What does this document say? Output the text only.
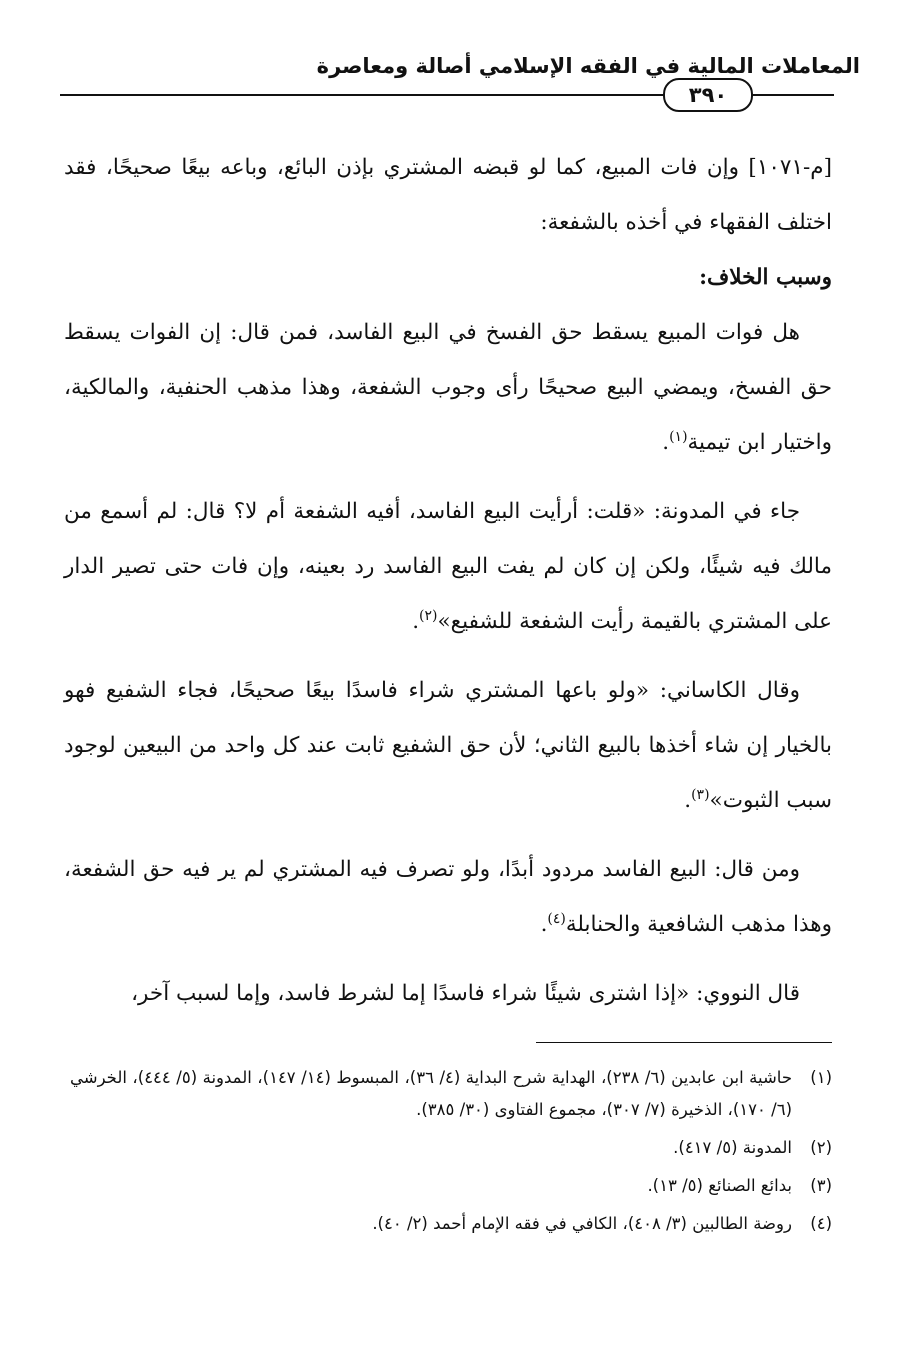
المعاملات المالية في الفقه الإسلامي أصالة ومعاصرة
٣٩٠

[م-١٠٧١] وإن فات المبيع، كما لو قبضه المشتري بإذن البائع، وباعه بيعًا صحيحًا، فقد اختلف الفقهاء في أخذه بالشفعة:

وسبب الخلاف:

هل فوات المبيع يسقط حق الفسخ في البيع الفاسد، فمن قال: إن الفوات يسقط حق الفسخ، ويمضي البيع صحيحًا رأى وجوب الشفعة، وهذا مذهب الحنفية، والمالكية، واختيار ابن تيمية$^{(١)}$.

جاء في المدونة: «قلت: أرأيت البيع الفاسد، أفيه الشفعة أم لا؟ قال: لم أسمع من مالك فيه شيئًا، ولكن إن كان لم يفت البيع الفاسد رد بعينه، وإن فات حتى تصير الدار على المشتري بالقيمة رأيت الشفعة للشفيع»$^{(٢)}$.

وقال الكاساني: «ولو باعها المشتري شراء فاسدًا بيعًا صحيحًا، فجاء الشفيع فهو بالخيار إن شاء أخذها بالبيع الثاني؛ لأن حق الشفيع ثابت عند كل واحد من البيعين لوجود سبب الثبوت»$^{(٣)}$.

ومن قال: البيع الفاسد مردود أبدًا، ولو تصرف فيه المشتري لم ير فيه حق الشفعة، وهذا مذهب الشافعية والحنابلة$^{(٤)}$.

قال النووي: «إذا اشترى شيئًا شراء فاسدًا إما لشرط فاسد، وإما لسبب آخر،

(١)
حاشية ابن عابدين (٦/ ٢٣٨)، الهداية شرح البداية (٤/ ٣٦)، المبسوط (١٤/ ١٤٧)، المدونة (٥/ ٤٤٤)، الخرشي (٦/ ١٧٠)، الذخيرة (٧/ ٣٠٧)، مجموع الفتاوى (٣٠/ ٣٨٥).

(٢)
المدونة (٥/ ٤١٧).

(٣)
بدائع الصنائع (٥/ ١٣).

(٤)
روضة الطالبين (٣/ ٤٠٨)، الكافي في فقه الإمام أحمد (٢/ ٤٠).
